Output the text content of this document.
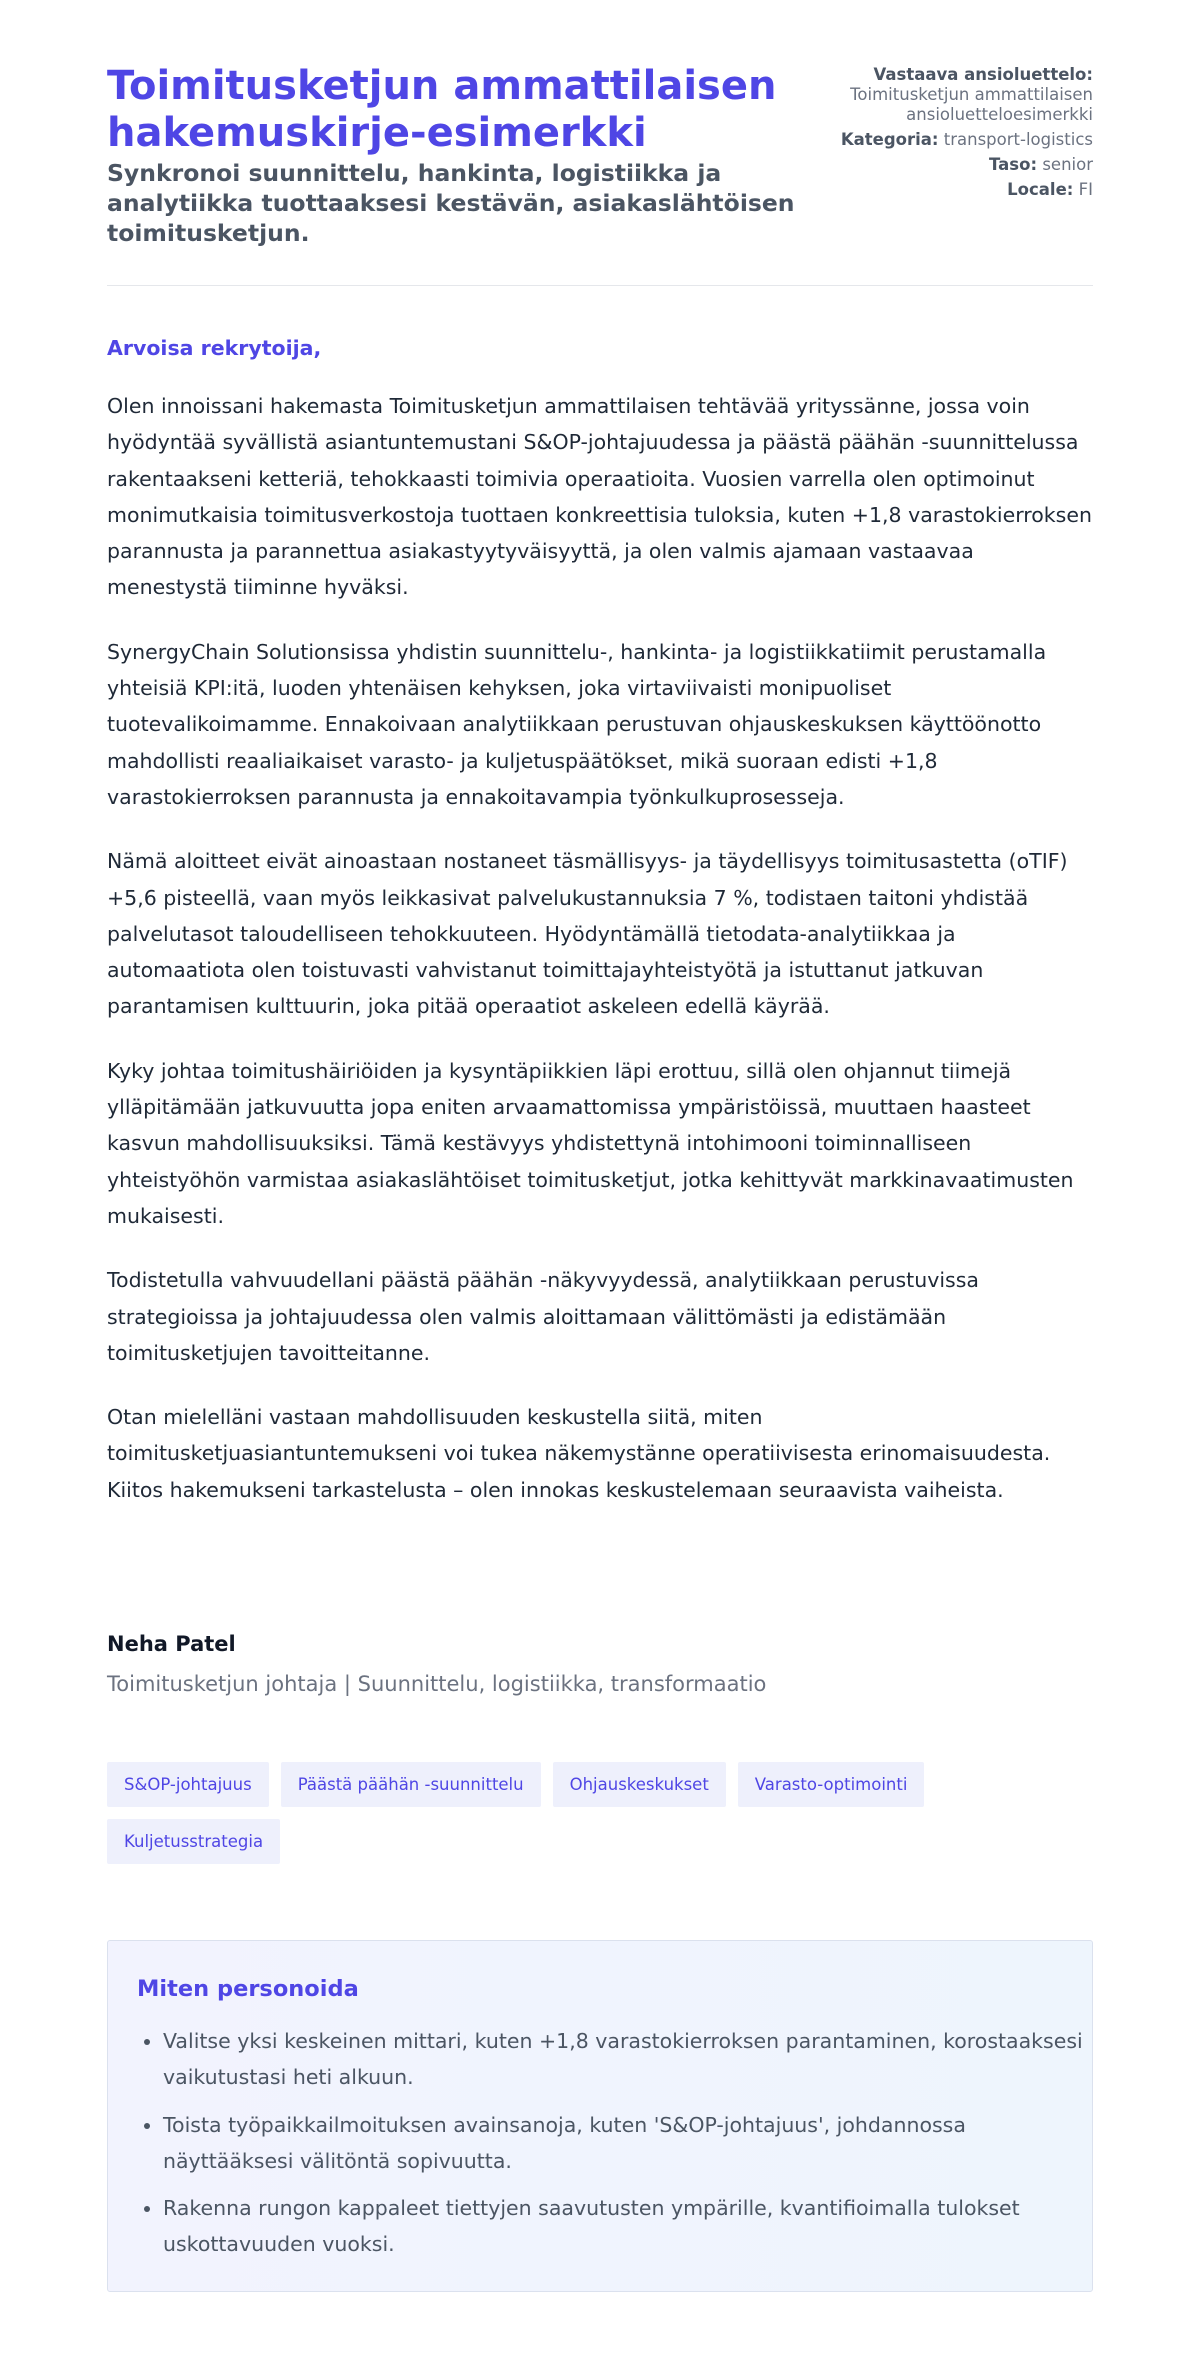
Toimitusketjun ammattilaisen hakemuskirje-esimerkki
Synkronoi suunnittelu, hankinta, logistiikka ja analytiikka tuottaaksesi kestävän, asiakaslähtöisen toimitusketjun.
Vastaava ansioluettelo:
Toimitusketjun ammattilaisen ansioluetteloesimerkki
Kategoria: transport-logistics
Taso: senior
Locale: FI

Arvoisa rekrytoija,

Olen innoissani hakemasta Toimitusketjun ammattilaisen tehtävää yrityssänne, jossa voin hyödyntää syvällistä asiantuntemustani S&OP-johtajuudessa ja päästä päähän -suunnittelussa rakentaakseni ketteriä, tehokkaasti toimivia operaatioita. Vuosien varrella olen optimoinut monimutkaisia toimitusverkostoja tuottaen konkreettisia tuloksia, kuten +1,8 varastokierroksen parannusta ja parannettua asiakastyytyväisyyttä, ja olen valmis ajamaan vastaavaa menestystä tiiminne hyväksi.

SynergyChain Solutionsissa yhdistin suunnittelu-, hankinta- ja logistiikkatiimit perustamalla yhteisiä KPI:itä, luoden yhtenäisen kehyksen, joka virtaviivaisti monipuoliset tuotevalikoimamme. Ennakoivaan analytiikkaan perustuvan ohjauskeskuksen käyttöönotto mahdollisti reaaliaikaiset varasto- ja kuljetuspäätökset, mikä suoraan edisti +1,8 varastokierroksen parannusta ja ennakoitavampia työnkulkuprosesseja.

Nämä aloitteet eivät ainoastaan nostaneet täsmällisyys- ja täydellisyys toimitusastetta (oTIF) +5,6 pisteellä, vaan myös leikkasivat palvelukustannuksia 7 %, todistaen taitoni yhdistää palvelutasot taloudelliseen tehokkuuteen. Hyödyntämällä tietodata-analytiikkaa ja automaatiota olen toistuvasti vahvistanut toimittajayhteistyötä ja istuttanut jatkuvan parantamisen kulttuurin, joka pitää operaatiot askeleen edellä käyrää.

Kyky johtaa toimitushäiriöiden ja kysyntäpiikkien läpi erottuu, sillä olen ohjannut tiimejä ylläpitämään jatkuvuutta jopa eniten arvaamattomissa ympäristöissä, muuttaen haasteet kasvun mahdollisuuksiksi. Tämä kestävyys yhdistettynä intohimooni toiminnalliseen yhteistyöhön varmistaa asiakaslähtöiset toimitusketjut, jotka kehittyvät markkinavaatimusten mukaisesti.

Todistetulla vahvuudellani päästä päähän -näkyvyydessä, analytiikkaan perustuvissa strategioissa ja johtajuudessa olen valmis aloittamaan välittömästi ja edistämään toimitusketjujen tavoitteitanne.

Otan mielelläni vastaan mahdollisuuden keskustella siitä, miten toimitusketjuasiantuntemukseni voi tukea näkemystänne operatiivisesta erinomaisuudesta. Kiitos hakemukseni tarkastelusta – olen innokas keskustelemaan seuraavista vaiheista.

Neha Patel

Toimitusketjun johtaja | Suunnittelu, logistiikka, transformaatio

S&OP-johtajuus	Päästä päähän -suunnittelu	Ohjauskeskukset	Varasto-optimointi
Kuljetusstrategia
Miten personoida
• Valitse yksi keskeinen mittari, kuten +1,8 varastokierroksen parantaminen, korostaaksesi vaikutustasi heti alkuun.
• Toista työpaikkailmoituksen avainsanoja, kuten 'S&OP-johtajuus', johdannossa näyttääksesi välitöntä sopivuutta.
• Rakenna rungon kappaleet tiettyjen saavutusten ympärille, kvantifioimalla tulokset uskottavuuden vuoksi.
